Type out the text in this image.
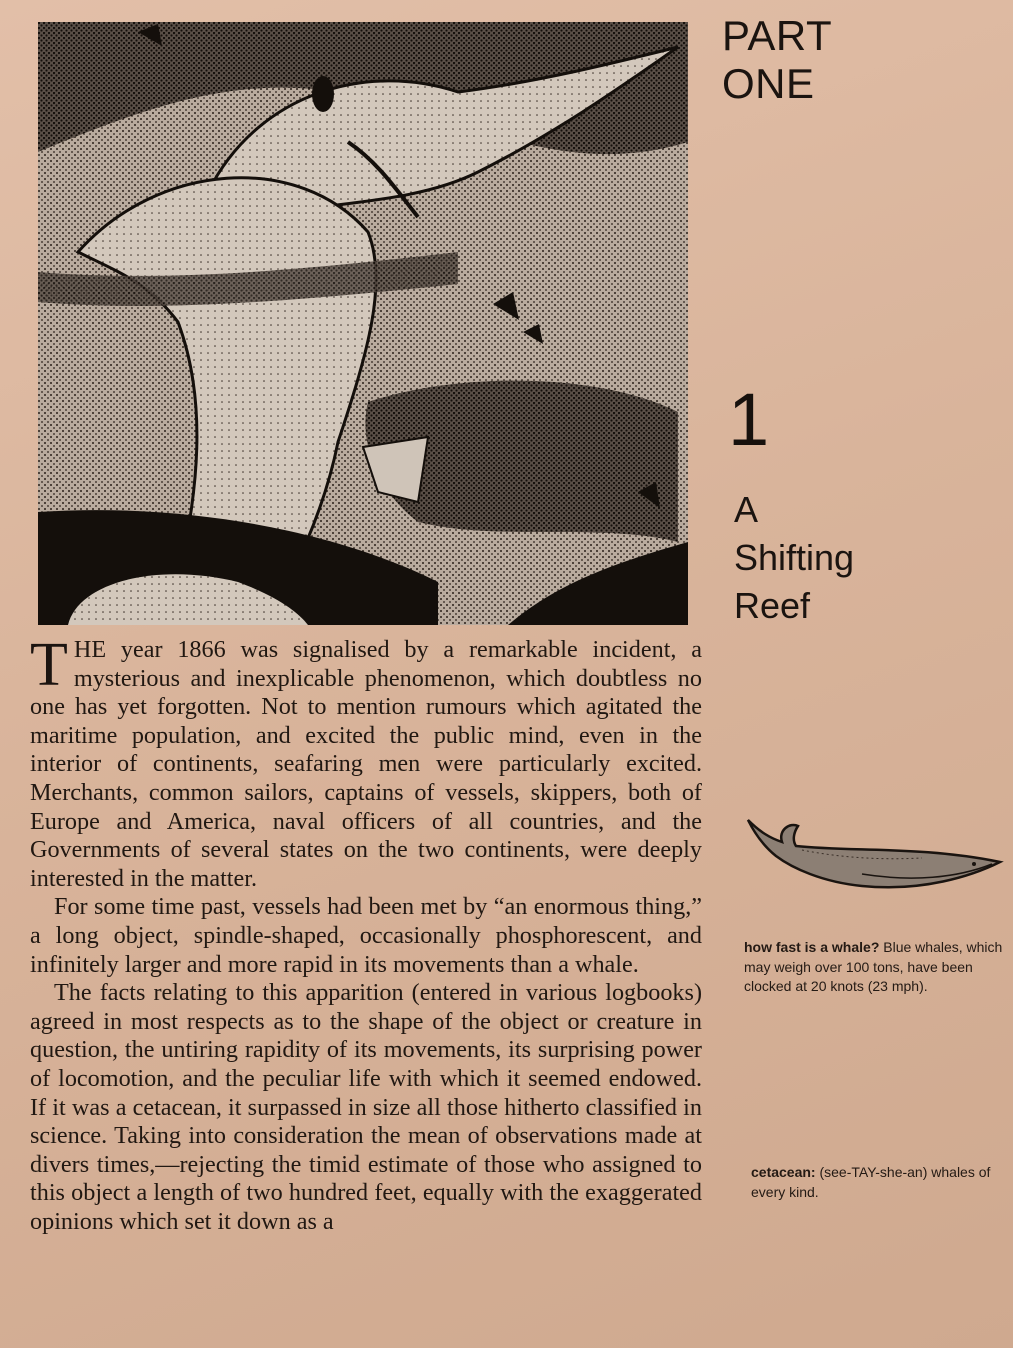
PART
ONE
1
A
Shifting
Reef

THE year 1866 was signalised by a remarkable incident, a mysterious and inexplicable phenomenon, which doubtless no one has yet forgotten. Not to mention rumours which agitated the maritime population, and excited the public mind, even in the interior of continents, seafaring men were particularly excited. Merchants, common sailors, captains of vessels, skippers, both of Europe and America, naval officers of all countries, and the Governments of several states on the two continents, were deeply interested in the matter.

For some time past, vessels had been met by “an enormous thing,” a long object, spindle-shaped, occasionally phosphorescent, and infinitely larger and more rapid in its movements than a whale.

The facts relating to this apparition (entered in various logbooks) agreed in most respects as to the shape of the object or creature in question, the untiring rapidity of its movements, its surprising power of locomotion, and the peculiar life with which it seemed endowed. If it was a cetacean, it surpassed in size all those hitherto classified in science. Taking into consideration the mean of observations made at divers times,—rejecting the timid estimate of those who assigned to this object a length of two hundred feet, equally with the exaggerated opinions which set it down as a

how fast is a whale? Blue whales, which may weigh over 100 tons, have been clocked at 20 knots (23 mph).
cetacean: (see-TAY-she-an) whales of every kind.
